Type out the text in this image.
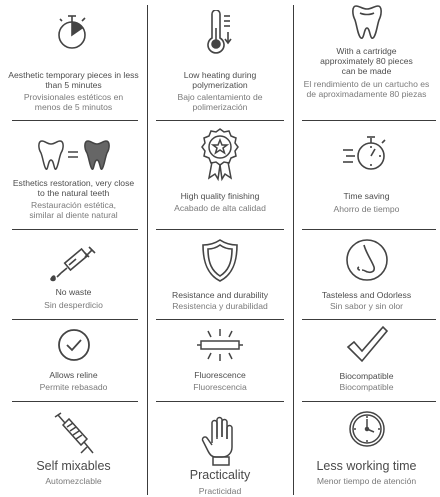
Aesthetic temporary pieces in less than 5 minutes
Provisionales estéticos en menos de 5 minutos
Low heating during polymerization
Bajo calentamiento de polimerización
With a cartridge approximately 80 pieces can be made
El rendimiento de un cartucho es de aproximadamente 80 piezas
Esthetics restoration, very close to the natural teeth
Restauración estética, similar al diente natural
High quality finishing
Acabado de alta calidad
Time saving
Ahorro de tiempo
No waste
Sin desperdicio
Resistance and durability
Resistencia y durabilidad
Tasteless and Odorless
Sin sabor y sin olor
Allows reline
Permite rebasado
Fluorescence
Fluorescencia
Biocompatible
Biocompatible
Self mixables
Automezclable	Practicality
Practicidad
Less working time
Menor tiempo de atención
